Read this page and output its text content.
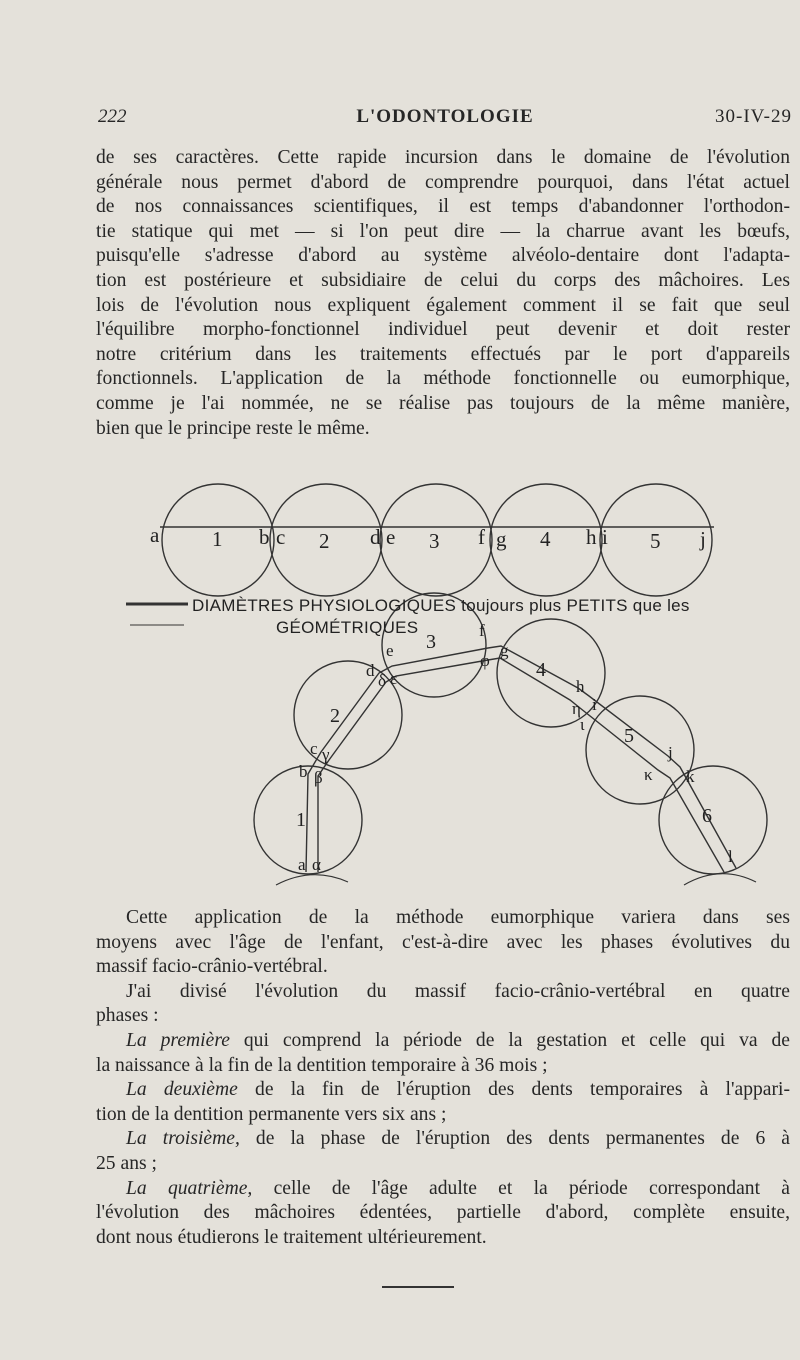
222	L'ODONTOLOGIE	30-IV-29
de ses caractères. Cette rapide incursion dans le domaine de l'évolution
générale nous permet d'abord de comprendre pourquoi, dans l'état actuel
de nos connaissances scientifiques, il est temps d'abandonner l'orthodon-
tie statique qui met — si l'on peut dire — la charrue avant les bœufs,
puisqu'elle s'adresse d'abord au système alvéolo-dentaire dont l'adapta-
tion est postérieure et subsidiaire de celui du corps des mâchoires. Les
lois de l'évolution nous expliquent également comment il se fait que seul
l'équilibre morpho-fonctionnel individuel peut devenir et doit rester
notre critérium dans les traitements effectués par le port d'appareils
fonctionnels. L'application de la méthode fonctionnelle ou eumorphique,
comme je l'ai nommée, ne se réalise pas toujours de la même manière,
bien que le principe reste le même.
a	1 b c 2 d e 3 f g 4 h i 5 j
DIAMÈTRES PHYSIOLOGIQUES toujours plus PETITS que les
GÉOMÉTRIQUES
1
2
3
4
5
6
a α
b β
c γ
d
δ
e
ε
f
φ
g
h
η i
ι
j
κ k
l
Cette application de la méthode eumorphique variera dans ses
moyens avec l'âge de l'enfant, c'est-à-dire avec les phases évolutives du
massif facio-crânio-vertébral.
J'ai divisé l'évolution du massif facio-crânio-vertébral en quatre
phases :
La première qui comprend la période de la gestation et celle qui va de
la naissance à la fin de la dentition temporaire à 36 mois ;
La deuxième de la fin de l'éruption des dents temporaires à l'appari-
tion de la dentition permanente vers six ans ;
La troisième, de la phase de l'éruption des dents permanentes de 6 à
25 ans ;
La quatrième, celle de l'âge adulte et la période correspondant à
l'évolution des mâchoires édentées, partielle d'abord, complète ensuite,
dont nous étudierons le traitement ultérieurement.
